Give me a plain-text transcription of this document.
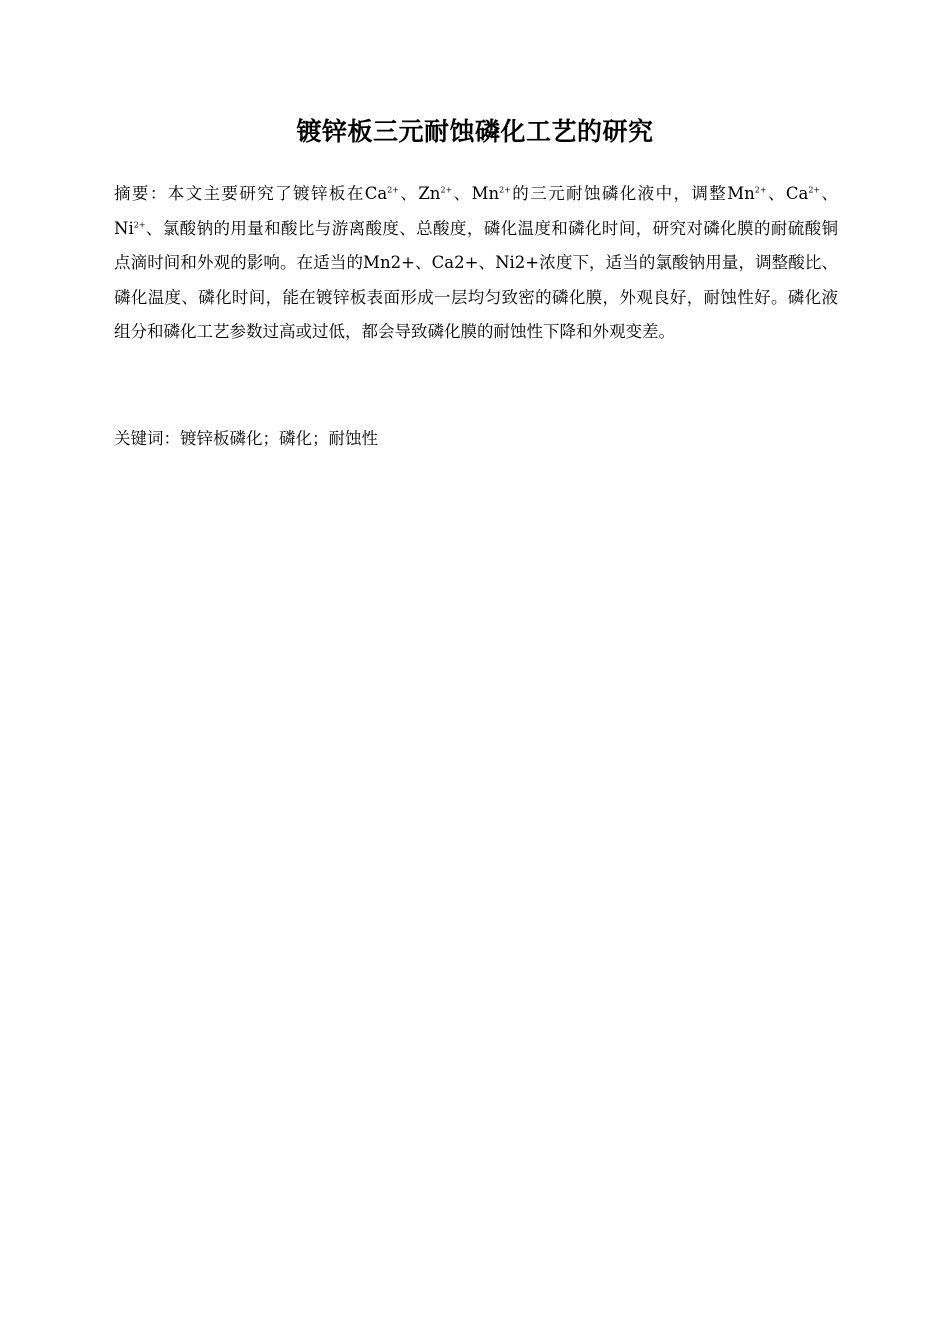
镀锌板三元耐蚀磷化工艺的研究
摘要：本文主要研究了镀锌板在$Ca^{2+}$、$Zn^{2+}$、$Mn^{2+}$的三元耐蚀磷化液中，调整$Mn^{2+}$、$Ca^{2+}$、$Ni^{2+}$、氯酸钠的用量和酸比与游离酸度、总酸度，磷化温度和磷化时间，研究对磷化膜的耐硫酸铜点滴时间和外观的影响。在适当的Mn2+、Ca2+、Ni2+浓度下，适当的氯酸钠用量，调整酸比、磷化温度、磷化时间，能在镀锌板表面形成一层均匀致密的磷化膜，外观良好，耐蚀性好。磷化液组分和磷化工艺参数过高或过低，都会导致磷化膜的耐蚀性下降和外观变差。
关键词：镀锌板磷化；磷化；耐蚀性
